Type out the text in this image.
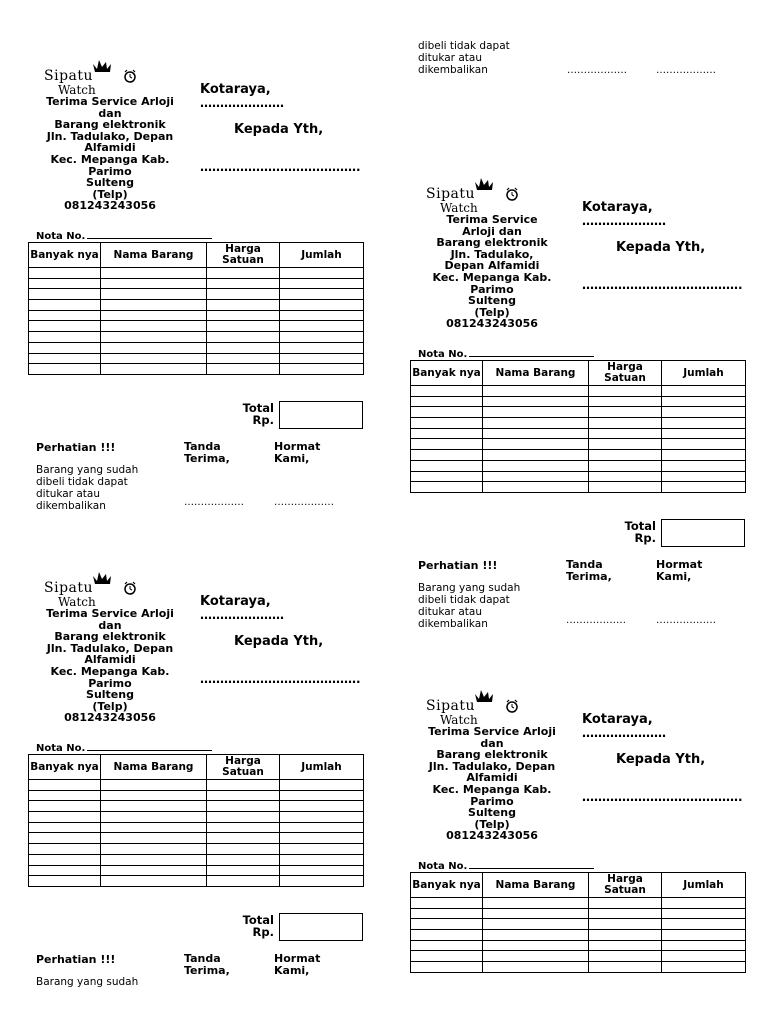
dibeli tidak dapat
ditukar atau
dikembalikan	………………	………………
Sipatu
Watch
Terima Service Arloji
dan
Barang elektronik
Jln. Tadulako, Depan
Alfamidi
Kec. Mepanga Kab.
Parimo
Sulteng
(Telp)
081243243056
Kotaraya,
…………………
Kepada Yth,
………………………………….
Nota No.
Banyak nya	Nama Barang	Harga Satuan	Jumlah

Total
Rp.
Perhatian !!!	Tanda
Terima,
Hormat
Kami,
Barang yang sudah
dibeli tidak dapat
ditukar atau
dikembalikan	………………	………………
Sipatu
Watch
Terima Service
Arloji dan
Barang elektronik
Jln. Tadulako,
Depan Alfamidi
Kec. Mepanga Kab.
Parimo
Sulteng
(Telp)
081243243056
Kotaraya,
…………………
Kepada Yth,
………………………………….
Nota No.
Banyak nya	Nama Barang	Harga Satuan	Jumlah

Total
Rp.
Perhatian !!!	Tanda
Terima,
Hormat
Kami,
Barang yang sudah
dibeli tidak dapat
ditukar atau
dikembalikan	………………	………………
Sipatu
Watch
Terima Service Arloji
dan
Barang elektronik
Jln. Tadulako, Depan
Alfamidi
Kec. Mepanga Kab.
Parimo
Sulteng
(Telp)
081243243056
Kotaraya,
…………………
Kepada Yth,
………………………………….
Nota No.
Banyak nya	Nama Barang	Harga Satuan	Jumlah

Total
Rp.
Perhatian !!!	Tanda
Terima,
Hormat
Kami,
Barang yang sudah
Sipatu
Watch
Terima Service Arloji
dan
Barang elektronik
Jln. Tadulako, Depan
Alfamidi
Kec. Mepanga Kab.
Parimo
Sulteng
(Telp)
081243243056
Kotaraya,
…………………
Kepada Yth,
………………………………….
Nota No.
Banyak nya	Nama Barang	Harga Satuan	Jumlah
